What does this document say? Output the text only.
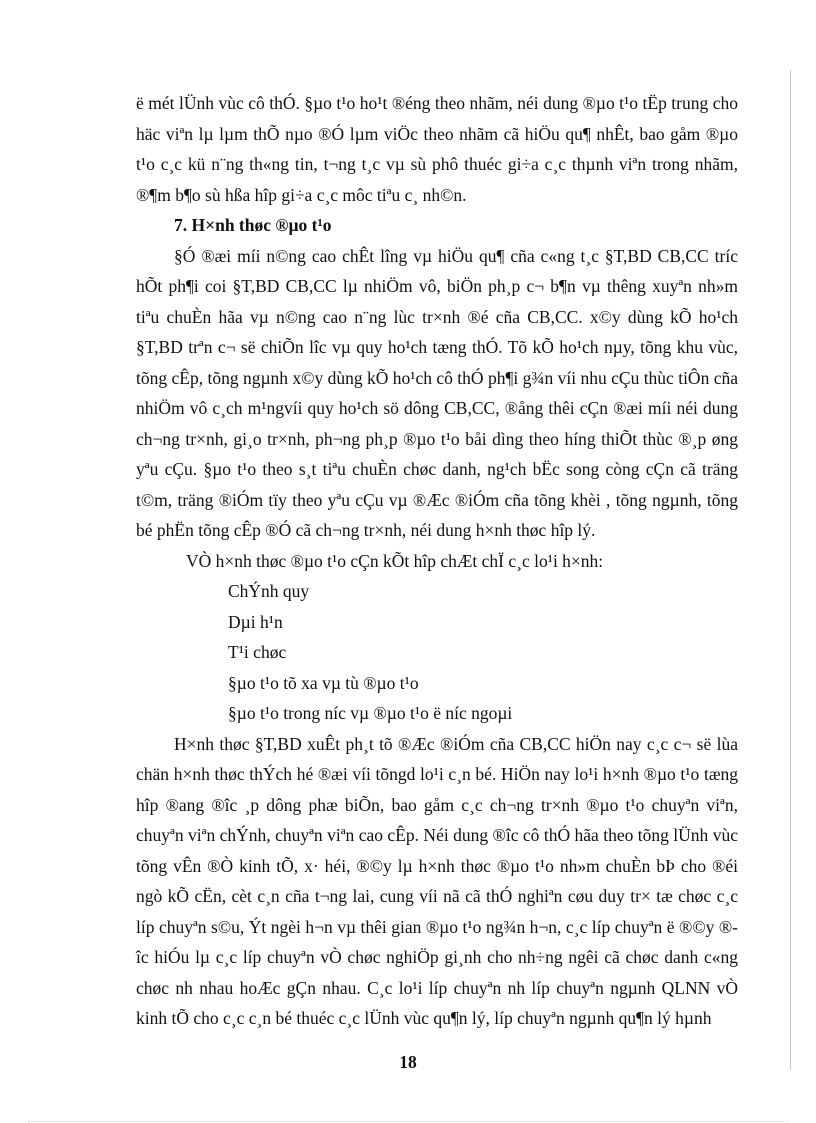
ë mét lÜnh vùc cô thÓ. §µo t¹o ho¹t ®éng theo nhãm, néi dung ®µo t¹o tËp trung cho häc viªn lµ lµm thÕ nµo ®Ó lµm viÖc theo nhãm cã hiÖu qu¶ nhÊt, bao gåm ®µo t¹o c¸c kü n¨ng th«ng tin, t¬ng t¸c vµ sù phô thuéc gi÷a c¸c thµnh viªn trong nhãm, ®¶m b¶o sù hßa hîp gi÷a c¸c môc tiªu c¸ nh©n.

7. H×nh thøc ®µo t¹o

§Ó ®æi míi n©ng cao chÊt lîng vµ hiÖu qu¶ cña c«ng t¸c §T,BD CB,CC tríc hÕt ph¶i coi §T,BD CB,CC lµ nhiÖm vô, biÖn ph¸p c¬ b¶n vµ thêng xuyªn nh»m tiªu chuÈn hãa vµ n©ng cao n¨ng lùc tr×nh ®é cña CB,CC. x©y dùng kÕ ho¹ch §T,BD trªn c¬ së chiÕn lîc vµ quy ho¹ch tæng thÓ. Tõ kÕ ho¹ch nµy, tõng khu vùc, tõng cÊp, tõng ngµnh x©y dùng kÕ ho¹ch cô thÓ ph¶i g¾n víi nhu cÇu thùc tiÔn cña nhiÖm vô c¸ch m¹ngvíi quy ho¹ch sö dông CB,CC, ®ång thêi cÇn ®æi míi néi dung ch¬ng tr×nh, gi¸o tr×nh, ph¬ng ph¸p ®µo t¹o båi dìng theo híng thiÕt thùc ®¸p øng yªu cÇu. §µo t¹o theo s¸t tiªu chuÈn chøc danh, ng¹ch bËc song còng cÇn cã träng t©m, träng ®iÓm tïy theo yªu cÇu vµ ®Æc ®iÓm cña tõng khèi , tõng ngµnh, tõng bé phËn tõng cÊp ®Ó cã ch¬ng tr×nh, néi dung h×nh thøc hîp lý.

VÒ h×nh thøc ®µo t¹o cÇn kÕt hîp chÆt chÏ c¸c lo¹i h×nh:

ChÝnh quy

Dµi h¹n

T¹i chøc

§µo t¹o tõ xa vµ tù ®µo t¹o

§µo t¹o trong níc vµ ®µo t¹o ë níc ngoµi

H×nh thøc §T,BD xuÊt ph¸t tõ ®Æc ®iÓm cña CB,CC hiÖn nay c¸c c¬ së lùa chän h×nh thøc thÝch hé ®æi víi tõngd lo¹i c¸n bé. HiÖn nay lo¹i h×nh ®µo t¹o tæng hîp ®ang ®îc ¸p dông phæ biÕn, bao gåm c¸c ch¬ng tr×nh ®µo t¹o chuyªn viªn, chuyªn viªn chÝnh, chuyªn viªn cao cÊp. Néi dung ®îc cô thÓ hãa theo tõng lÜnh vùc tõng vÊn ®Ò kinh tÕ, x· héi, ®©y lµ h×nh thøc ®µo t¹o nh»m chuÈn bÞ cho ®éi ngò kÕ cËn, cèt c¸n cña t¬ng lai, cung víi nã cã thÓ nghiªn cøu duy tr× tæ chøc c¸c líp chuyªn s©u, Ýt ngèi h¬n vµ thêi gian ®µo t¹o ng¾n h¬n, c¸c líp chuyªn ë ®©y ®îc hiÓu lµ c¸c líp chuyªn vÒ chøc nghiÖp gi¸nh cho nh÷ng ngêi cã chøc danh c«ng chøc nh nhau hoÆc gÇn nhau. C¸c lo¹i líp chuyªn nh líp chuyªn ngµnh QLNN vÒ kinh tÕ cho c¸c c¸n bé thuéc c¸c lÜnh vùc qu¶n lý, líp chuyªn ngµnh qu¶n lý hµnh

18
